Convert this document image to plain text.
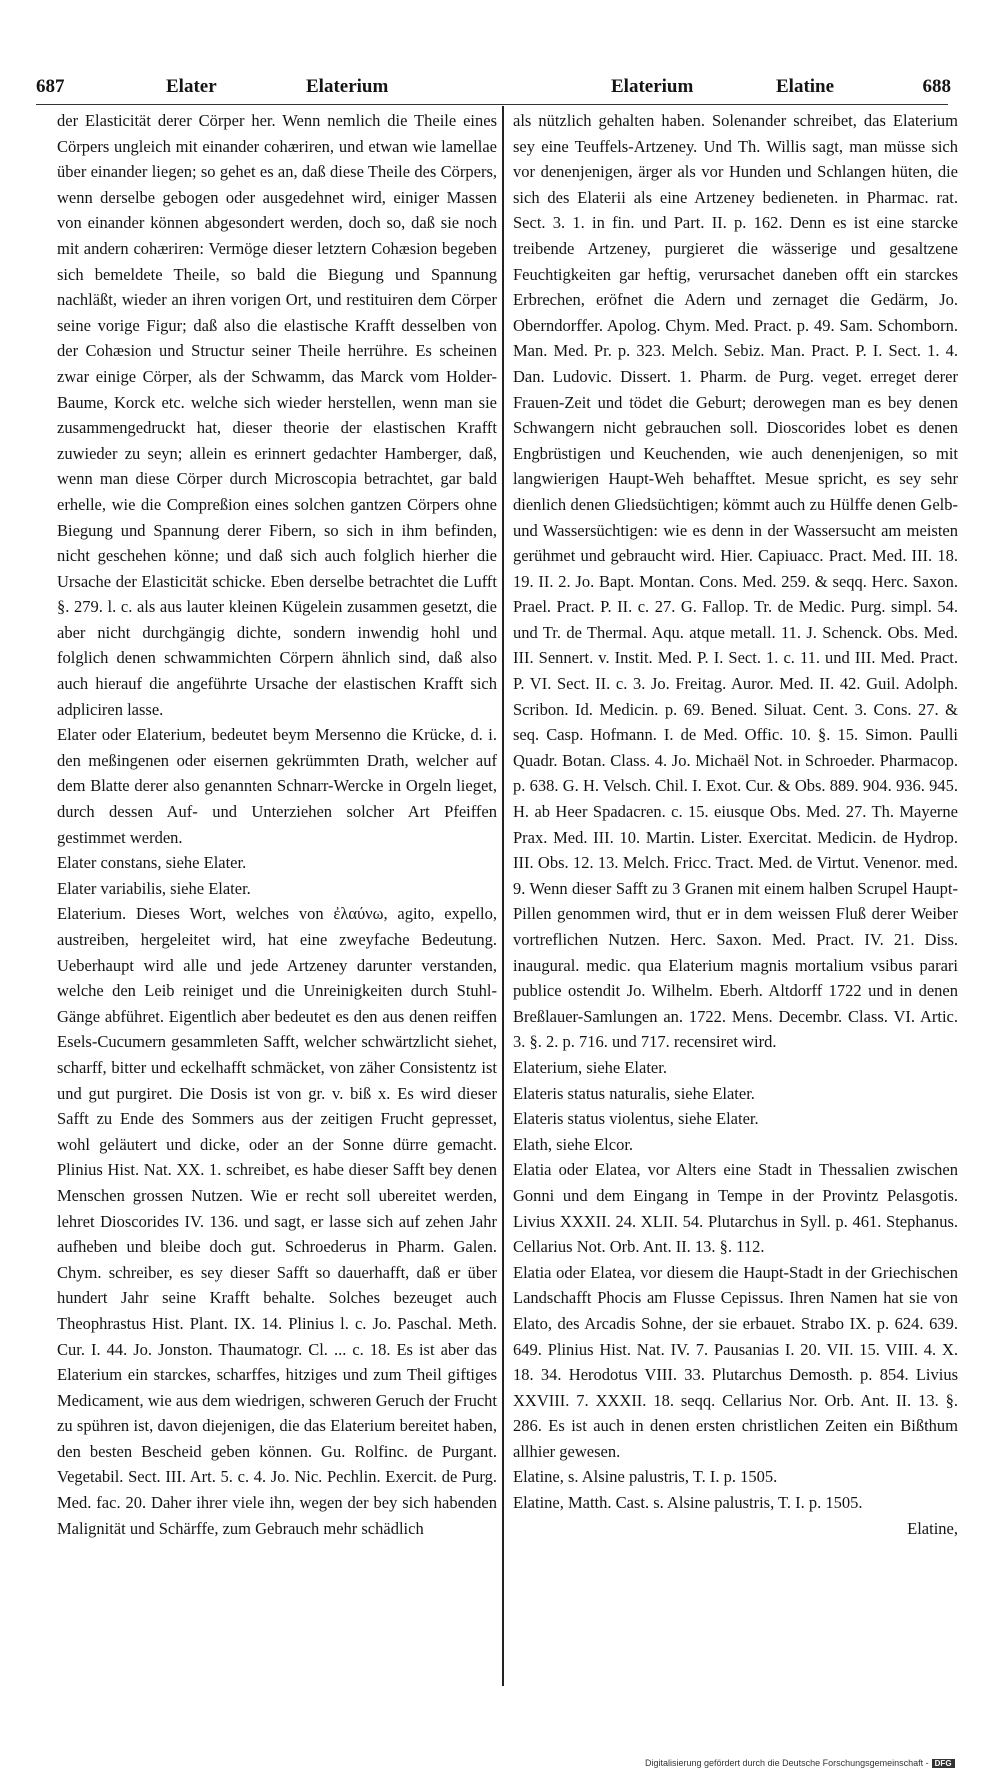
687	Elater	Elaterium	Elaterium	Elatine	688

der Elasticität derer Cörper her. Wenn nemlich die Theile eines Cörpers ungleich mit einander cohæriren, und etwan wie lamellae über einander liegen; so gehet es an, daß diese Theile des Cörpers, wenn derselbe gebogen oder ausgedehnet wird, einiger Massen von einander können abgesondert werden, doch so, daß sie noch mit andern cohæriren: Vermöge dieser letztern Cohæsion begeben sich bemeldete Theile, so bald die Biegung und Spannung nachläßt, wieder an ihren vorigen Ort, und restituiren dem Cörper seine vorige Figur; daß also die elastische Krafft desselben von der Cohæsion und Structur seiner Theile herrühre. Es scheinen zwar einige Cörper, als der Schwamm, das Marck vom Holder-Baume, Korck etc. welche sich wieder herstellen, wenn man sie zusammengedruckt hat, dieser theorie der elastischen Krafft zuwieder zu seyn; allein es erinnert gedachter Hamberger, daß, wenn man diese Cörper durch Microscopia betrachtet, gar bald erhelle, wie die Compreßion eines solchen gantzen Cörpers ohne Biegung und Spannung derer Fibern, so sich in ihm befinden, nicht geschehen könne; und daß sich auch folglich hierher die Ursache der Elasticität schicke. Eben derselbe betrachtet die Lufft §. 279. l. c. als aus lauter kleinen Kügelein zusammen gesetzt, die aber nicht durchgängig dichte, sondern inwendig hohl und folglich denen schwammichten Cörpern ähnlich sind, daß also auch hierauf die angeführte Ursache der elastischen Krafft sich adpliciren lasse.

Elater oder Elaterium, bedeutet beym Mersenno die Krücke, d. i. den meßingenen oder eisernen gekrümmten Drath, welcher auf dem Blatte derer also genannten Schnarr-Wercke in Orgeln lieget, durch dessen Auf- und Unterziehen solcher Art Pfeiffen gestimmet werden.

Elater constans, siehe Elater.

Elater variabilis, siehe Elater.

Elaterium. Dieses Wort, welches von ἐλαύνω, agito, expello, austreiben, hergeleitet wird, hat eine zweyfache Bedeutung. Ueberhaupt wird alle und jede Artzeney darunter verstanden, welche den Leib reiniget und die Unreinigkeiten durch Stuhl-Gänge abführet. Eigentlich aber bedeutet es den aus denen reiffen Esels-Cucumern gesammleten Safft, welcher schwärtzlicht siehet, scharff, bitter und eckelhafft schmäcket, von zäher Consistentz ist und gut purgiret. Die Dosis ist von gr. v. biß x. Es wird dieser Safft zu Ende des Sommers aus der zeitigen Frucht gepresset, wohl geläutert und dicke, oder an der Sonne dürre gemacht. Plinius Hist. Nat. XX. 1. schreibet, es habe dieser Safft bey denen Menschen grossen Nutzen. Wie er recht soll ubereitet werden, lehret Dioscorides IV. 136. und sagt, er lasse sich auf zehen Jahr aufheben und bleibe doch gut. Schroederus in Pharm. Galen. Chym. schreiber, es sey dieser Safft so dauerhafft, daß er über hundert Jahr seine Krafft behalte. Solches bezeuget auch Theophrastus Hist. Plant. IX. 14. Plinius l. c. Jo. Paschal. Meth. Cur. I. 44. Jo. Jonston. Thaumatogr. Cl. ... c. 18. Es ist aber das Elaterium ein starckes, scharffes, hitziges und zum Theil giftiges Medicament, wie aus dem wiedrigen, schweren Geruch der Frucht zu spühren ist, davon diejenigen, die das Elaterium bereitet haben, den besten Bescheid geben können. Gu. Rolfinc. de Purgant. Vegetabil. Sect. III. Art. 5. c. 4. Jo. Nic. Pechlin. Exercit. de Purg. Med. fac. 20. Daher ihrer viele ihn, wegen der bey sich habenden Malignität und Schärffe, zum Gebrauch mehr schädlich

als nützlich gehalten haben. Solenander schreibet, das Elaterium sey eine Teuffels-Artzeney. Und Th. Willis sagt, man müsse sich vor denenjenigen, ärger als vor Hunden und Schlangen hüten, die sich des Elaterii als eine Artzeney bedieneten. in Pharmac. rat. Sect. 3. 1. in fin. und Part. II. p. 162. Denn es ist eine starcke treibende Artzeney, purgieret die wässerige und gesaltzene Feuchtigkeiten gar heftig, verursachet daneben offt ein starckes Erbrechen, eröfnet die Adern und zernaget die Gedärm, Jo. Oberndorffer. Apolog. Chym. Med. Pract. p. 49. Sam. Schomborn. Man. Med. Pr. p. 323. Melch. Sebiz. Man. Pract. P. I. Sect. 1. 4. Dan. Ludovic. Dissert. 1. Pharm. de Purg. veget. erreget derer Frauen-Zeit und tödet die Geburt; derowegen man es bey denen Schwangern nicht gebrauchen soll. Dioscorides lobet es denen Engbrüstigen und Keuchenden, wie auch denenjenigen, so mit langwierigen Haupt-Weh behafftet. Mesue spricht, es sey sehr dienlich denen Gliedsüchtigen; kömmt auch zu Hülffe denen Gelb- und Wassersüchtigen: wie es denn in der Wassersucht am meisten gerühmet und gebraucht wird. Hier. Capiuacc. Pract. Med. III. 18. 19. II. 2. Jo. Bapt. Montan. Cons. Med. 259. & seqq. Herc. Saxon. Prael. Pract. P. II. c. 27. G. Fallop. Tr. de Medic. Purg. simpl. 54. und Tr. de Thermal. Aqu. atque metall. 11. J. Schenck. Obs. Med. III. Sennert. v. Instit. Med. P. I. Sect. 1. c. 11. und III. Med. Pract. P. VI. Sect. II. c. 3. Jo. Freitag. Auror. Med. II. 42. Guil. Adolph. Scribon. Id. Medicin. p. 69. Bened. Siluat. Cent. 3. Cons. 27. & seq. Casp. Hofmann. I. de Med. Offic. 10. §. 15. Simon. Paulli Quadr. Botan. Class. 4. Jo. Michaël Not. in Schroeder. Pharmacop. p. 638. G. H. Velsch. Chil. I. Exot. Cur. & Obs. 889. 904. 936. 945. H. ab Heer Spadacren. c. 15. eiusque Obs. Med. 27. Th. Mayerne Prax. Med. III. 10. Martin. Lister. Exercitat. Medicin. de Hydrop. III. Obs. 12. 13. Melch. Fricc. Tract. Med. de Virtut. Venenor. med. 9. Wenn dieser Safft zu 3 Granen mit einem halben Scrupel Haupt-Pillen genommen wird, thut er in dem weissen Fluß derer Weiber vortreflichen Nutzen. Herc. Saxon. Med. Pract. IV. 21. Diss. inaugural. medic. qua Elaterium magnis mortalium vsibus parari publice ostendit Jo. Wilhelm. Eberh. Altdorff 1722 und in denen Breßlauer-Samlungen an. 1722. Mens. Decembr. Class. VI. Artic. 3. §. 2. p. 716. und 717. recensiret wird.

Elaterium, siehe Elater.

Elateris status naturalis, siehe Elater.

Elateris status violentus, siehe Elater.

Elath, siehe Elcor.

Elatia oder Elatea, vor Alters eine Stadt in Thessalien zwischen Gonni und dem Eingang in Tempe in der Provintz Pelasgotis. Livius XXXII. 24. XLII. 54. Plutarchus in Syll. p. 461. Stephanus. Cellarius Not. Orb. Ant. II. 13. §. 112.

Elatia oder Elatea, vor diesem die Haupt-Stadt in der Griechischen Landschafft Phocis am Flusse Cepissus. Ihren Namen hat sie von Elato, des Arcadis Sohne, der sie erbauet. Strabo IX. p. 624. 639. 649. Plinius Hist. Nat. IV. 7. Pausanias I. 20. VII. 15. VIII. 4. X. 18. 34. Herodotus VIII. 33. Plutarchus Demosth. p. 854. Livius XXVIII. 7. XXXII. 18. seqq. Cellarius Nor. Orb. Ant. II. 13. §. 286. Es ist auch in denen ersten christlichen Zeiten ein Bißthum allhier gewesen.

Elatine, s. Alsine palustris, T. I. p. 1505.

Elatine, Matth. Cast. s. Alsine palustris, T. I. p. 1505.

Elatine,

Digitalisierung gefördert durch die Deutsche Forschungsgemeinschaft - DFG
